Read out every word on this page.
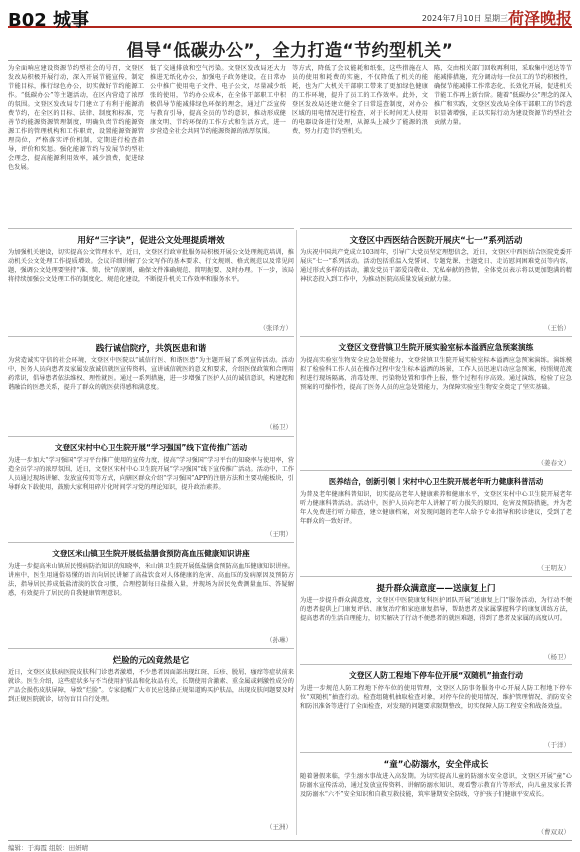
B02 城事	2024年7月10日 星期三 荷泽晚报
倡导“低碳办公”，全力打造“节约型机关”
为全面响应建设资源节约型社会的号召，文登区发改局积极开展行动，深入开展节能宣传，制定节能目标，推行绿色办公，切实做好节约能源工作。“低碳办公”等主题活动，在区内营造了浓厚的氛围。文登区发改局专门建立了有利于能源消费节约，在全区的目标、法律、制度和标准，完善节约能源资源管理制度，明确负责节约能源资源工作的管理机构和工作职责，设置能源资源管理岗位，严格落实评价机制，定期进行检查指导，评价和奖惩。强化能源节约与发展节约型社会理念，提高能源利用效率，减少浪费，促进绿色发展。
低了交通排放和空气污染。文登区发改局还大力推进无纸化办公，加强电子政务建设，在日常办公中推广使用电子文件、电子公文，尽量减少纸张的使用，节约办公成本，在全体干部职工中积极倡导节能减排绿色环保的理念，通过广泛宣传与教育引导，提高全员的节约意识，推动形成健康文明、节约环保的工作方式和生活方式，进一步营造全社会共同节约能源资源的浓厚氛围。
等方式，降低了会议能耗和纸张，这些措施在人员的使用和耗费的实施，不仅降低了机关的能耗，也为广大机关干部职工带来了更加绿色健康的工作环境，提升了员工的工作效率。此外，文登区发改局还建立健全了日常巡查制度，对办公区域的用电情况进行检查，对于长时间无人使用的电器设备进行处理，从源头上减少了能源的浪费，努力打造节约型机关。
陈，交由相关部门回收再利用，采取集中送达等节能减排措施，充分调动每一位员工的节约积极性，确保节能减排工作常态化、长效化开展，促进机关节能工作再上新台阶。随着“低碳办公”理念的深入推广和实践，文登区发改局全体干部职工的节约意识显著增强，正以实际行动为建设资源节约型社会贡献力量。
用好“三字诀”，促进公文处理提质增效
为加强机关建设，切实提高公文管理水平，近日，文登区行政审批服务局积极开展公文处理规范培训，推动机关公文处理工作提质增效。会议详细讲解了公文写作的基本要求、行文规则、格式规范以及常见问题，强调公文处理要坚持“准、简、快”的原则，确保文件准确规范、简明扼要、及时办理。下一步，该局将持续加强公文处理工作的制度化、规范化建设，不断提升机关工作效率和服务水平。
（张译方）
践行诚信院疗，共筑医患和谐
为营造诚实守信的社会环境，文登区中医院以“诚信行医、和谐医患”为主题开展了系列宣传活动。活动中，医务人员向患者及家属发放诚信就医宣传资料，宣讲诚信就医的意义和要求，介绍医保政策和合理用药常识，倡导患者依法维权、理性就医。通过一系列措施，进一步增强了医护人员的诚信意识，构建起和谐融洽的医患关系，提升了群众的就医获得感和满意度。
（杨卫）
文登区宋村中心卫生院开展“学习强国”线下宣传推广活动
为进一步加大“学习强国”学习平台推广使用的宣传力度，提高“学习强国”学习平台的知晓率与使用率，营造全员学习的浓厚氛围，近日，文登区宋村中心卫生院开展“学习强国”线下宣传推广活动。活动中，工作人员通过现场讲解、发放宣传页等方式，向辖区群众介绍“学习强国”APP的注册方法和主要功能板块，引导群众下载使用，鼓励大家利用碎片化时间学习党的理论知识，提升政治素养。
（王明）
文登区米山镇卫生院开展低盐膳食预防高血压健康知识讲座
为进一步提高米山镇居民慢病防治知识的知晓率，米山镇卫生院开展低盐膳食预防高血压健康知识讲座。讲座中，医生用通俗易懂的语言向居民讲解了高盐饮食对人体健康的危害、高血压的发病原因及预防方法，指导居民养成低盐清淡的饮食习惯，合理控制每日盐摄入量，并现场为居民免费测量血压、答疑解惑，有效提升了居民的自我健康管理意识。
（孙琳）
烂脸的元凶竟然是它
近日，文登区皮肤病医院皮肤科门诊患者激增，不少患者因面部出现红斑、丘疹、脱屑、瘙痒等症状前来就诊。医生介绍，这些症状多与不当使用护肤品和化妆品有关，长期使用含激素、重金属或刺激性成分的产品会损伤皮肤屏障，导致“烂脸”。专家提醒广大市民应选择正规渠道购买护肤品，出现皮肤问题要及时到正规医院就诊，切勿盲目自行处理。
（王洲）
文登区中西医结合医院开展庆“七一”系列活动
为庆祝中国共产党成立103周年，引导广大党员坚定理想信念，近日，文登区中西医结合医院党委开展庆“七一”系列活动。活动包括重温入党誓词、专题党课、主题党日、走访慰问困难党员等内容，通过形式多样的活动，激发党员干部爱岗敬业、无私奉献的热情，全体党员表示将以更加饱满的精神状态投入到工作中，为推动医院高质量发展贡献力量。
（王怡）
文登区文登营镇卫生院开展实验室标本溢洒应急预案演练
为提高实验室生物安全应急处置能力，文登营镇卫生院开展实验室标本溢洒应急预案演练。演练模拟了检验科工作人员在操作过程中发生标本溢洒的场景，工作人员迅速启动应急预案，按照规范流程进行现场隔离、消毒处理、污染物处置和事件上报，整个过程有序高效。通过演练，检验了应急预案的可操作性，提高了医务人员的应急处置能力，为保障实验室生物安全奠定了坚实基础。
（姜春文）
医养结合，创新引领丨宋村中心卫生院开展老年听力健康科普活动
为普及老年健康科普知识，切实提高老年人健康素养和健康水平，文登区宋村中心卫生院开展老年听力健康科普活动。活动中，医护人员向老年人讲解了听力损失的原因、危害及预防措施，并为老年人免费进行听力筛查，建立健康档案，对发现问题的老年人给予专业指导和转诊建议，受到了老年群众的一致好评。
（王明友）
提升群众满意度——送康复上门
为进一步提升群众满意度，文登区中医院康复科医护团队开展“送康复上门”服务活动，为行动不便的患者提供上门康复评估、康复治疗和家庭康复指导，帮助患者及家属掌握科学的康复训练方法，提高患者的生活自理能力，切实解决了行动不便患者的就医难题，得到了患者及家属的高度认可。
（杨卫）
文登区人防工程地下停车位开展“双随机”抽查行动
为进一步规范人防工程地下停车位的使用管理，文登区人防事务服务中心开展人防工程地下停车位“双随机”抽查行动。检查组随机抽取检查对象，对停车位的使用情况、维护管理情况、消防安全和防汛准备等进行了全面检查，对发现的问题要求限期整改，切实保障人防工程安全和战备效益。
（于洋）
“童”心防溺水，安全伴成长
随着暑假来临，学生溺水事故进入高发期。为切实提高儿童的防溺水安全意识，文登区开展“童”心防溺水宣传活动，通过发放宣传资料、讲解防溺水知识、观看警示教育片等形式，向儿童及家长普及防溺水“六不”安全知识和自救互救技能，筑牢暑期安全防线，守护孩子们健康平安成长。
（曹双双）
编辑：于海霞 组版：田妍晴
